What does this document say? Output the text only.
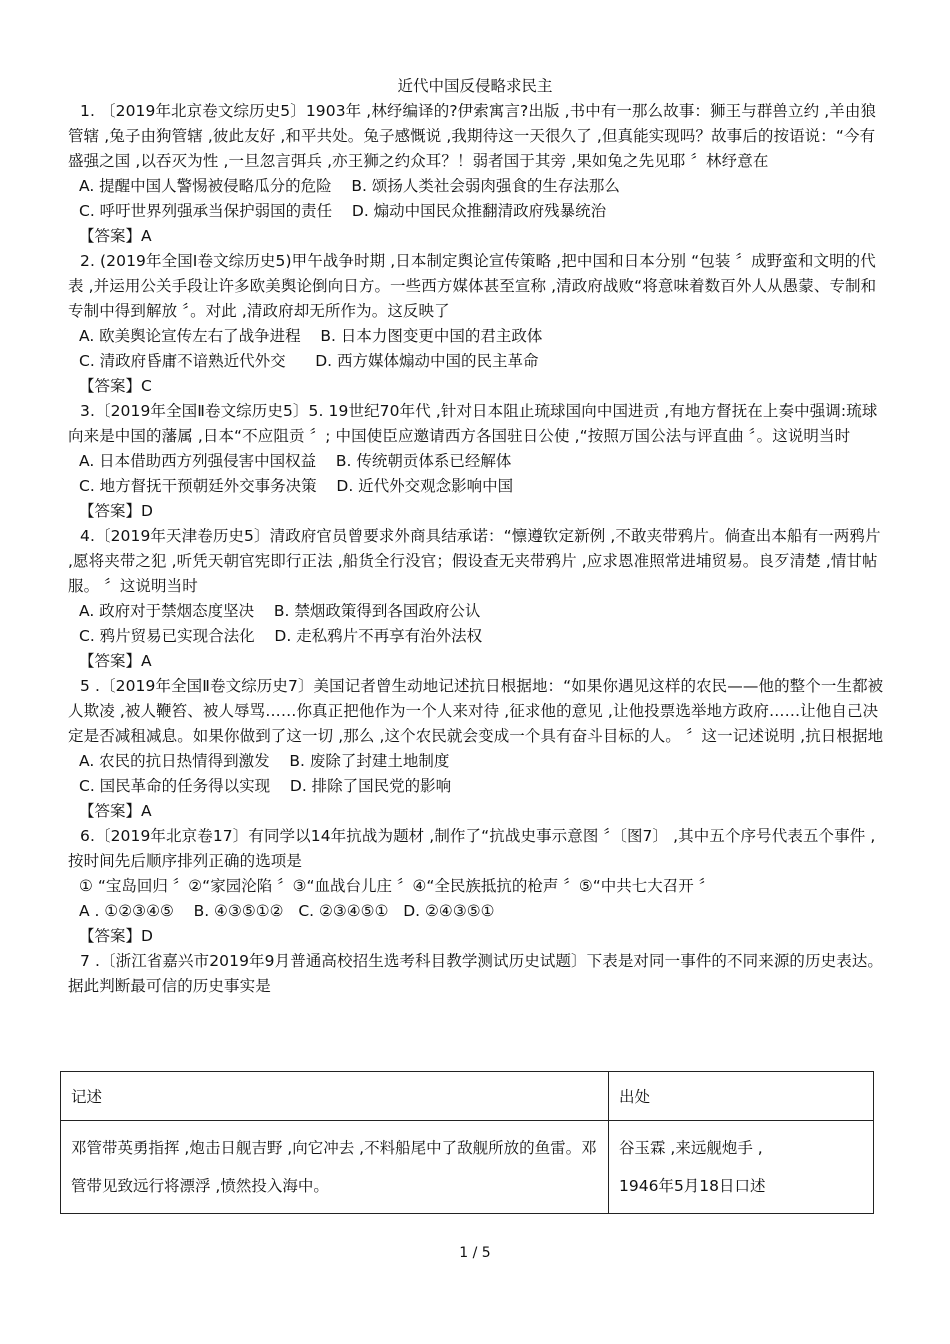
近代中国反侵略求民主

1. 〔2019年北京卷文综历史5〕1903年 ,林纾编译的?伊索寓言?出版 ,书中有一那么故事：狮王与群兽立约 ,羊由狼管辖 ,兔子由狗管辖 ,彼此友好 ,和平共处。兔子感慨说 ,我期待这一天很久了 ,但真能实现吗？故事后的按语说：“今有盛强之国 ,以吞灭为性 ,一旦忽言弭兵 ,亦王狮之约众耳？！弱者国于其旁 ,果如兔之先见耶 〞林纾意在

A. 提醒中国人警惕被侵略瓜分的危险    B. 颂扬人类社会弱肉强食的生存法那么

C. 呼吁世界列强承当保护弱国的责任    D. 煽动中国民众推翻清政府残暴统治

【答案】A

2. (2019年全国Ⅰ卷文综历史5)甲午战争时期 ,日本制定舆论宣传策略 ,把中国和日本分别 “包装 〞成野蛮和文明的代表 ,并运用公关手段让许多欧美舆论倒向日方。一些西方媒体甚至宣称 ,清政府战败“将意味着数百外人从愚蒙、专制和专制中得到解放 〞。对此 ,清政府却无所作为。这反映了

A. 欧美舆论宣传左右了战争进程    B. 日本力图变更中国的君主政体

C. 清政府昏庸不谙熟近代外交      D. 西方媒体煽动中国的民主革命

【答案】C

3.〔2019年全国Ⅱ卷文综历史5〕5. 19世纪70年代 ,针对日本阻止琉球国向中国进贡 ,有地方督抚在上奏中强调:琉球向来是中国的藩属 ,日本“不应阻贡 〞; 中国使臣应邀请西方各国驻日公使 ,“按照万国公法与评直曲 〞。这说明当时

A. 日本借助西方列强侵害中国权益    B. 传统朝贡体系已经解体

C. 地方督抚干预朝廷外交事务决策    D. 近代外交观念影响中国

【答案】D

4.〔2019年天津卷历史5〕清政府官员曾要求外商具结承诺：“懔遵钦定新例 ,不敢夹带鸦片。倘查出本船有一两鸦片 ,愿将夹带之犯 ,听凭天朝官宪即行正法 ,船货全行没官；假设查无夹带鸦片 ,应求恩准照常进埔贸易。良歹清楚 ,情甘帖服。 〞这说明当时

A. 政府对于禁烟态度坚决    B. 禁烟政策得到各国政府公认

C. 鸦片贸易已实现合法化    D. 走私鸦片不再享有治外法权

【答案】A

5 .〔2019年全国Ⅱ卷文综历史7〕美国记者曾生动地记述抗日根据地：“如果你遇见这样的农民——他的整个一生都被人欺凌 ,被人鞭笞、被人辱骂……你真正把他作为一个人来对待 ,征求他的意见 ,让他投票选举地方政府……让他自己决定是否减租减息。如果你做到了这一切 ,那么 ,这个农民就会变成一个具有奋斗目标的人。 〞这一记述说明 ,抗日根据地

A. 农民的抗日热情得到激发    B. 废除了封建土地制度

C. 国民革命的任务得以实现    D. 排除了国民党的影响

【答案】A

6.〔2019年北京卷17〕有同学以14年抗战为题材 ,制作了“抗战史事示意图 〞〔图7〕 ,其中五个序号代表五个事件 ,按时间先后顺序排列正确的选项是

① “宝岛回归 〞②“家园沦陷 〞③“血战台儿庄 〞④“全民族抵抗的枪声 〞⑤“中共七大召开 〞

A . ①②③④⑤    B. ④③⑤①②   C. ②③④⑤①   D. ②④③⑤①

【答案】D

7 .〔浙江省嘉兴市2019年9月普通高校招生选考科目教学测试历史试题〕下表是对同一事件的不同来源的历史表达。据此判断最可信的历史事实是

记述	出处
邓管带英勇指挥 ,炮击日舰吉野 ,向它冲去 ,不料船尾中了敌舰所放的鱼雷。邓管带见致远行将漂浮 ,愤然投入海中。	谷玉霖 ,来远舰炮手 ,
1946年5月18日口述
1 / 5
